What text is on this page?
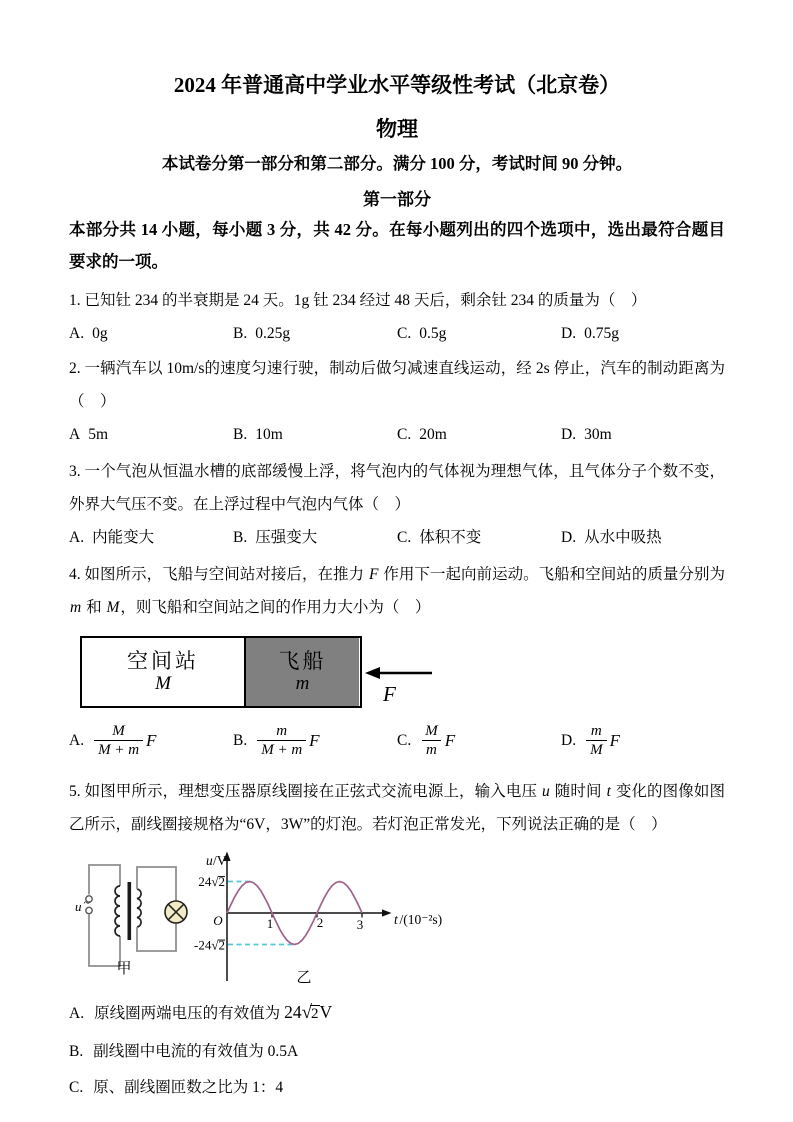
2024 年普通高中学业水平等级性考试（北京卷）
物理
本试卷分第一部分和第二部分。满分 100 分，考试时间 90 分钟。
第一部分
本部分共 14 小题，每小题 3 分，共 42 分。在每小题列出的四个选项中，选出最符合题目要求的一项。

1. 已知钍 234 的半衰期是 24 天。1g 钍 234 经过 48 天后，剩余钍 234 的质量为（　）

A. 0g	B. 0.25g	C. 0.5g	D. 0.75g

2. 一辆汽车以 10m/s的速度匀速行驶，制动后做匀减速直线运动，经 2s 停止，汽车的制动距离为（　）

A 5m	B. 10m	C. 20m	D. 30m

3. 一个气泡从恒温水槽的底部缓慢上浮，将气泡内的气体视为理想气体，且气体分子个数不变，外界大气压不变。在上浮过程中气泡内气体（　）

A. 内能变大	B. 压强变大	C. 体积不变	D. 从水中吸热

4. 如图所示，飞船与空间站对接后，在推力 F 作用下一起向前运动。飞船和空间站的质量分别为 m 和 M，则飞船和空间站之间的作用力大小为（　）

空间站
M
飞船
m	F
A. $\frac{M}{M + m}$ F	B. $\frac{m}{M + m}$ F	C. $\frac{M}{m}$ F	D. $\frac{m}{M}$ F

5. 如图甲所示，理想变压器原线圈接在正弦式交流电源上，输入电压 u 随时间 t 变化的图像如图乙所示，副线圈接规格为“6V，3W”的灯泡。若灯泡正常发光，下列说法正确的是（　）

u ~
甲
u /V
O
24√2
-24√2
1	2	3 t /(10⁻²s)
乙
A. 原线圈两端电压的有效值为 24 √ 2 V
B. 副线圈中电流的有效值为 0.5A
C. 原、副线圈匝数之比为 1：4
